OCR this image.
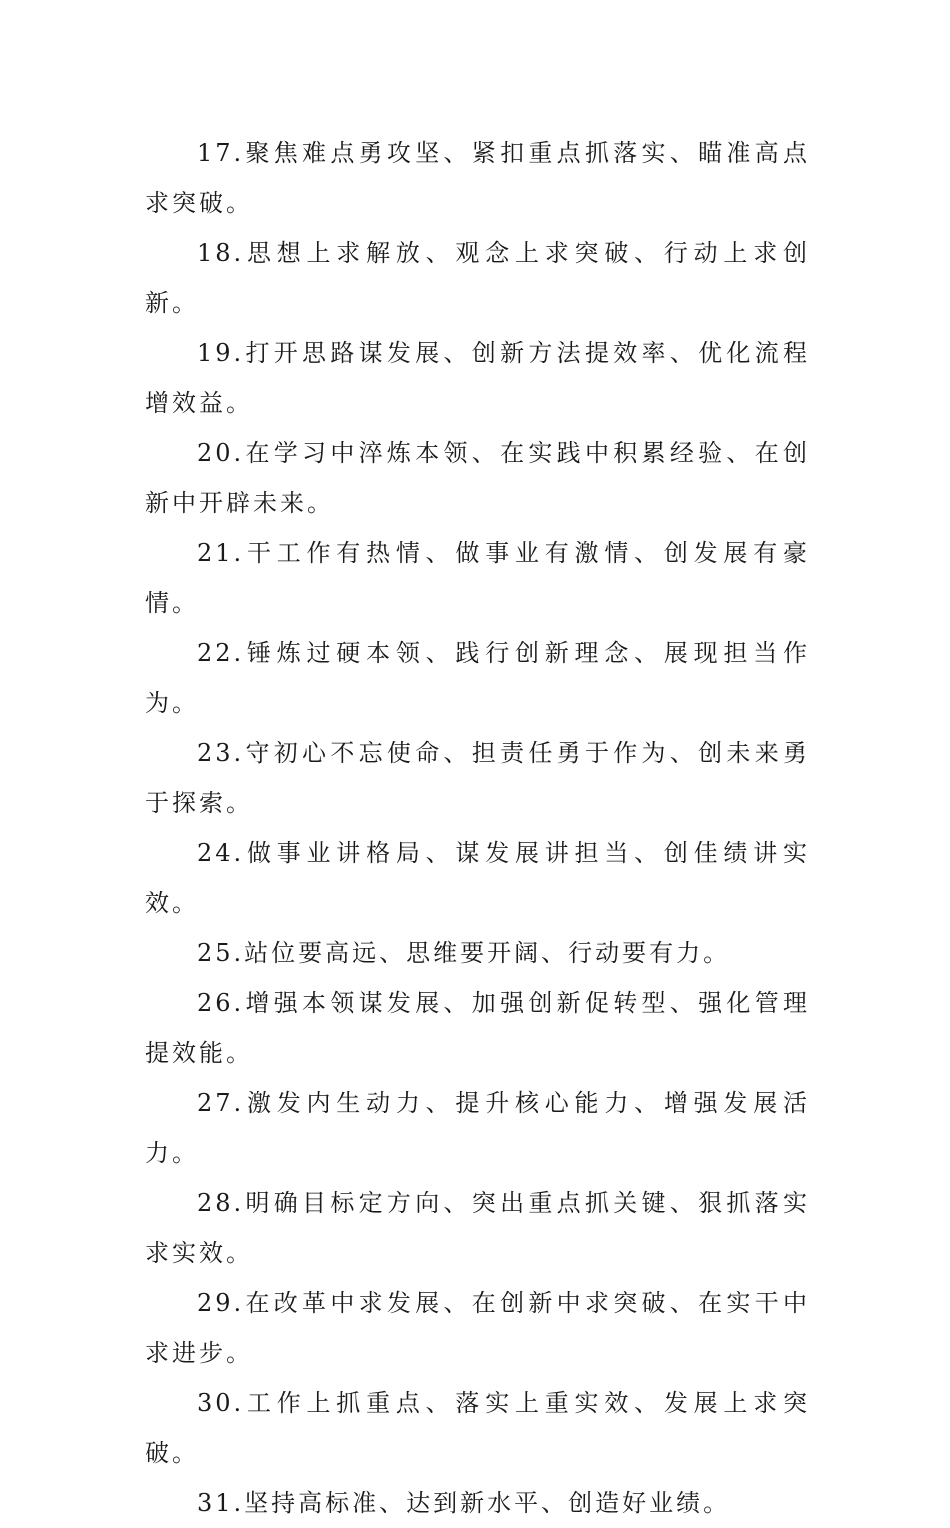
17.聚焦难点勇攻坚、紧扣重点抓落实、瞄准高点求突破。

18.思想上求解放、观念上求突破、行动上求创新。

19.打开思路谋发展、创新方法提效率、优化流程增效益。

20.在学习中淬炼本领、在实践中积累经验、在创新中开辟未来。

21.干工作有热情、做事业有激情、创发展有豪情。

22.锤炼过硬本领、践行创新理念、展现担当作为。

23.守初心不忘使命、担责任勇于作为、创未来勇于探索。

24.做事业讲格局、谋发展讲担当、创佳绩讲实效。

25.站位要高远、思维要开阔、行动要有力。

26.增强本领谋发展、加强创新促转型、强化管理提效能。

27.激发内生动力、提升核心能力、增强发展活力。

28.明确目标定方向、突出重点抓关键、狠抓落实求实效。

29.在改革中求发展、在创新中求突破、在实干中求进步。

30.工作上抓重点、落实上重实效、发展上求突破。

31.坚持高标准、达到新水平、创造好业绩。
